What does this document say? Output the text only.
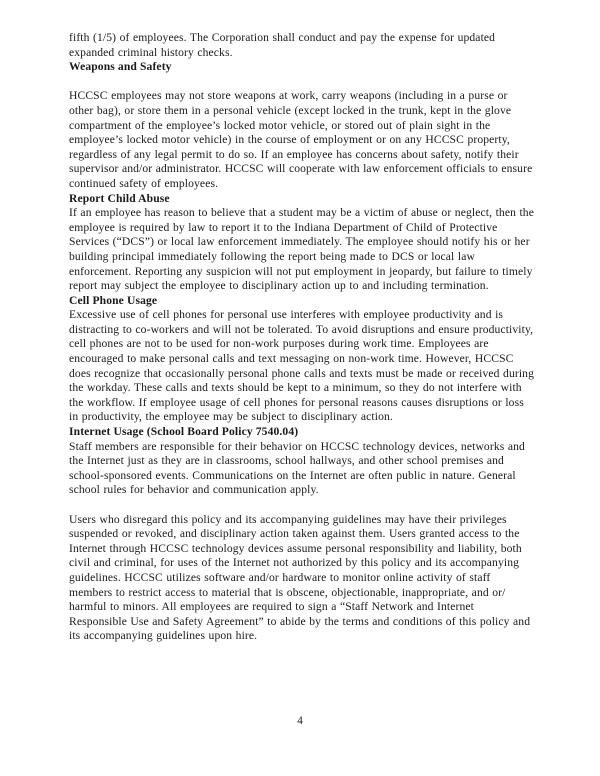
fifth (1/5) of employees. The Corporation shall conduct and pay the expense for updated expanded criminal history checks.

Weapons and Safety

HCCSC employees may not store weapons at work, carry weapons (including in a purse or other bag), or store them in a personal vehicle (except locked in the trunk, kept in the glove compartment of the employee’s locked motor vehicle, or stored out of plain sight in the employee’s locked motor vehicle) in the course of employment or on any HCCSC property, regardless of any legal permit to do so. If an employee has concerns about safety, notify their supervisor and/or administrator. HCCSC will cooperate with law enforcement officials to ensure continued safety of employees.

Report Child Abuse

If an employee has reason to believe that a student may be a victim of abuse or neglect, then the employee is required by law to report it to the Indiana Department of Child of Protective Services (“DCS”) or local law enforcement immediately. The employee should notify his or her building principal immediately following the report being made to DCS or local law enforcement. Reporting any suspicion will not put employment in jeopardy, but failure to timely report may subject the employee to disciplinary action up to and including termination.

Cell Phone Usage

Excessive use of cell phones for personal use interferes with employee productivity and is distracting to co-workers and will not be tolerated. To avoid disruptions and ensure productivity, cell phones are not to be used for non-work purposes during work time. Employees are encouraged to make personal calls and text messaging on non-work time. However, HCCSC does recognize that occasionally personal phone calls and texts must be made or received during the workday. These calls and texts should be kept to a minimum, so they do not interfere with the workflow. If employee usage of cell phones for personal reasons causes disruptions or loss in productivity, the employee may be subject to disciplinary action.

Internet Usage (School Board Policy 7540.04)

Staff members are responsible for their behavior on HCCSC technology devices, networks and the Internet just as they are in classrooms, school hallways, and other school premises and school-sponsored events. Communications on the Internet are often public in nature. General school rules for behavior and communication apply.

Users who disregard this policy and its accompanying guidelines may have their privileges suspended or revoked, and disciplinary action taken against them. Users granted access to the Internet through HCCSC technology devices assume personal responsibility and liability, both civil and criminal, for uses of the Internet not authorized by this policy and its accompanying guidelines. HCCSC utilizes software and/or hardware to monitor online activity of staff members to restrict access to material that is obscene, objectionable, inappropriate, and or/ harmful to minors. All employees are required to sign a “Staff Network and Internet Responsible Use and Safety Agreement” to abide by the terms and conditions of this policy and its accompanying guidelines upon hire.

4
